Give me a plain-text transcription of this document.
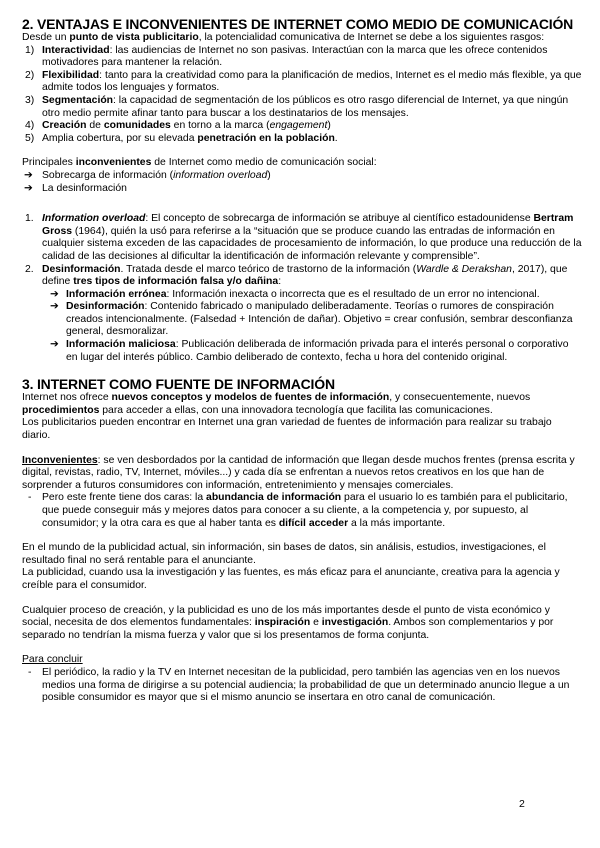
2. VENTAJAS E INCONVENIENTES DE INTERNET COMO MEDIO DE COMUNICACIÓN

Desde un punto de vista publicitario, la potencialidad comunicativa de Internet se debe a los siguientes rasgos:

1) Interactividad: las audiencias de Internet no son pasivas. Interactúan con la marca que les ofrece contenidos motivadores para mantener la relación.
2) Flexibilidad: tanto para la creatividad como para la planificación de medios, Internet es el medio más flexible, ya que admite todos los lenguajes y formatos.
3) Segmentación: la capacidad de segmentación de los públicos es otro rasgo diferencial de Internet, ya que ningún otro medio permite afinar tanto para buscar a los destinatarios de los mensajes.
4) Creación de comunidades en torno a la marca (engagement)
5) Amplia cobertura, por su elevada penetración en la población.

Principales inconvenientes de Internet como medio de comunicación social:

➔ Sobrecarga de información (information overload)
➔ La desinformación
1. Information overload: El concepto de sobrecarga de información se atribuye al científico estadounidense Bertram Gross (1964), quién la usó para referirse a la “situación que se produce cuando las entradas de información en cualquier sistema exceden de las capacidades de procesamiento de información, lo que produce una reducción de la calidad de las decisiones al dificultar la identificación de información relevante y comprensible”.
2. Desinformación. Tratada desde el marco teórico de trastorno de la información (Wardle & Derakshan, 2017), que define tres tipos de información falsa y/o dañina:
➔ Información errónea: Información inexacta o incorrecta que es el resultado de un error no intencional.
➔ Desinformación: Contenido fabricado o manipulado deliberadamente. Teorías o rumores de conspiración creados intencionalmente. (Falsedad + Intención de dañar). Objetivo = crear confusión, sembrar desconfianza general, desmoralizar.
➔ Información maliciosa: Publicación deliberada de información privada para el interés personal o corporativo en lugar del interés público. Cambio deliberado de contexto, fecha u hora del contenido original.
3. INTERNET COMO FUENTE DE INFORMACIÓN

Internet nos ofrece nuevos conceptos y modelos de fuentes de información, y consecuentemente, nuevos procedimientos para acceder a ellas, con una innovadora tecnología que facilita las comunicaciones.

Los publicitarios pueden encontrar en Internet una gran variedad de fuentes de información para realizar su trabajo diario.

Inconvenientes: se ven desbordados por la cantidad de información que llegan desde muchos frentes (prensa escrita y digital, revistas, radio, TV, Internet, móviles...) y cada día se enfrentan a nuevos retos creativos en los que han de sorprender a futuros consumidores con información, entretenimiento y mensajes comerciales.

- Pero este frente tiene dos caras: la abundancia de información para el usuario lo es también para el publicitario, que puede conseguir más y mejores datos para conocer a su cliente, a la competencia y, por supuesto, al consumidor; y la otra cara es que al haber tanta es difícil acceder a la más importante.

En el mundo de la publicidad actual, sin información, sin bases de datos, sin análisis, estudios, investigaciones, el resultado final no será rentable para el anunciante.

La publicidad, cuando usa la investigación y las fuentes, es más eficaz para el anunciante, creativa para la agencia y creíble para el consumidor.

Cualquier proceso de creación, y la publicidad es uno de los más importantes desde el punto de vista económico y social, necesita de dos elementos fundamentales: inspiración e investigación. Ambos son complementarios y por separado no tendrían la misma fuerza y valor que si los presentamos de forma conjunta.

Para concluir

- El periódico, la radio y la TV en Internet necesitan de la publicidad, pero también las agencias ven en los nuevos medios una forma de dirigirse a su potencial audiencia; la probabilidad de que un determinado anuncio llegue a un posible consumidor es mayor que si el mismo anuncio se insertara en otro canal de comunicación.
2
